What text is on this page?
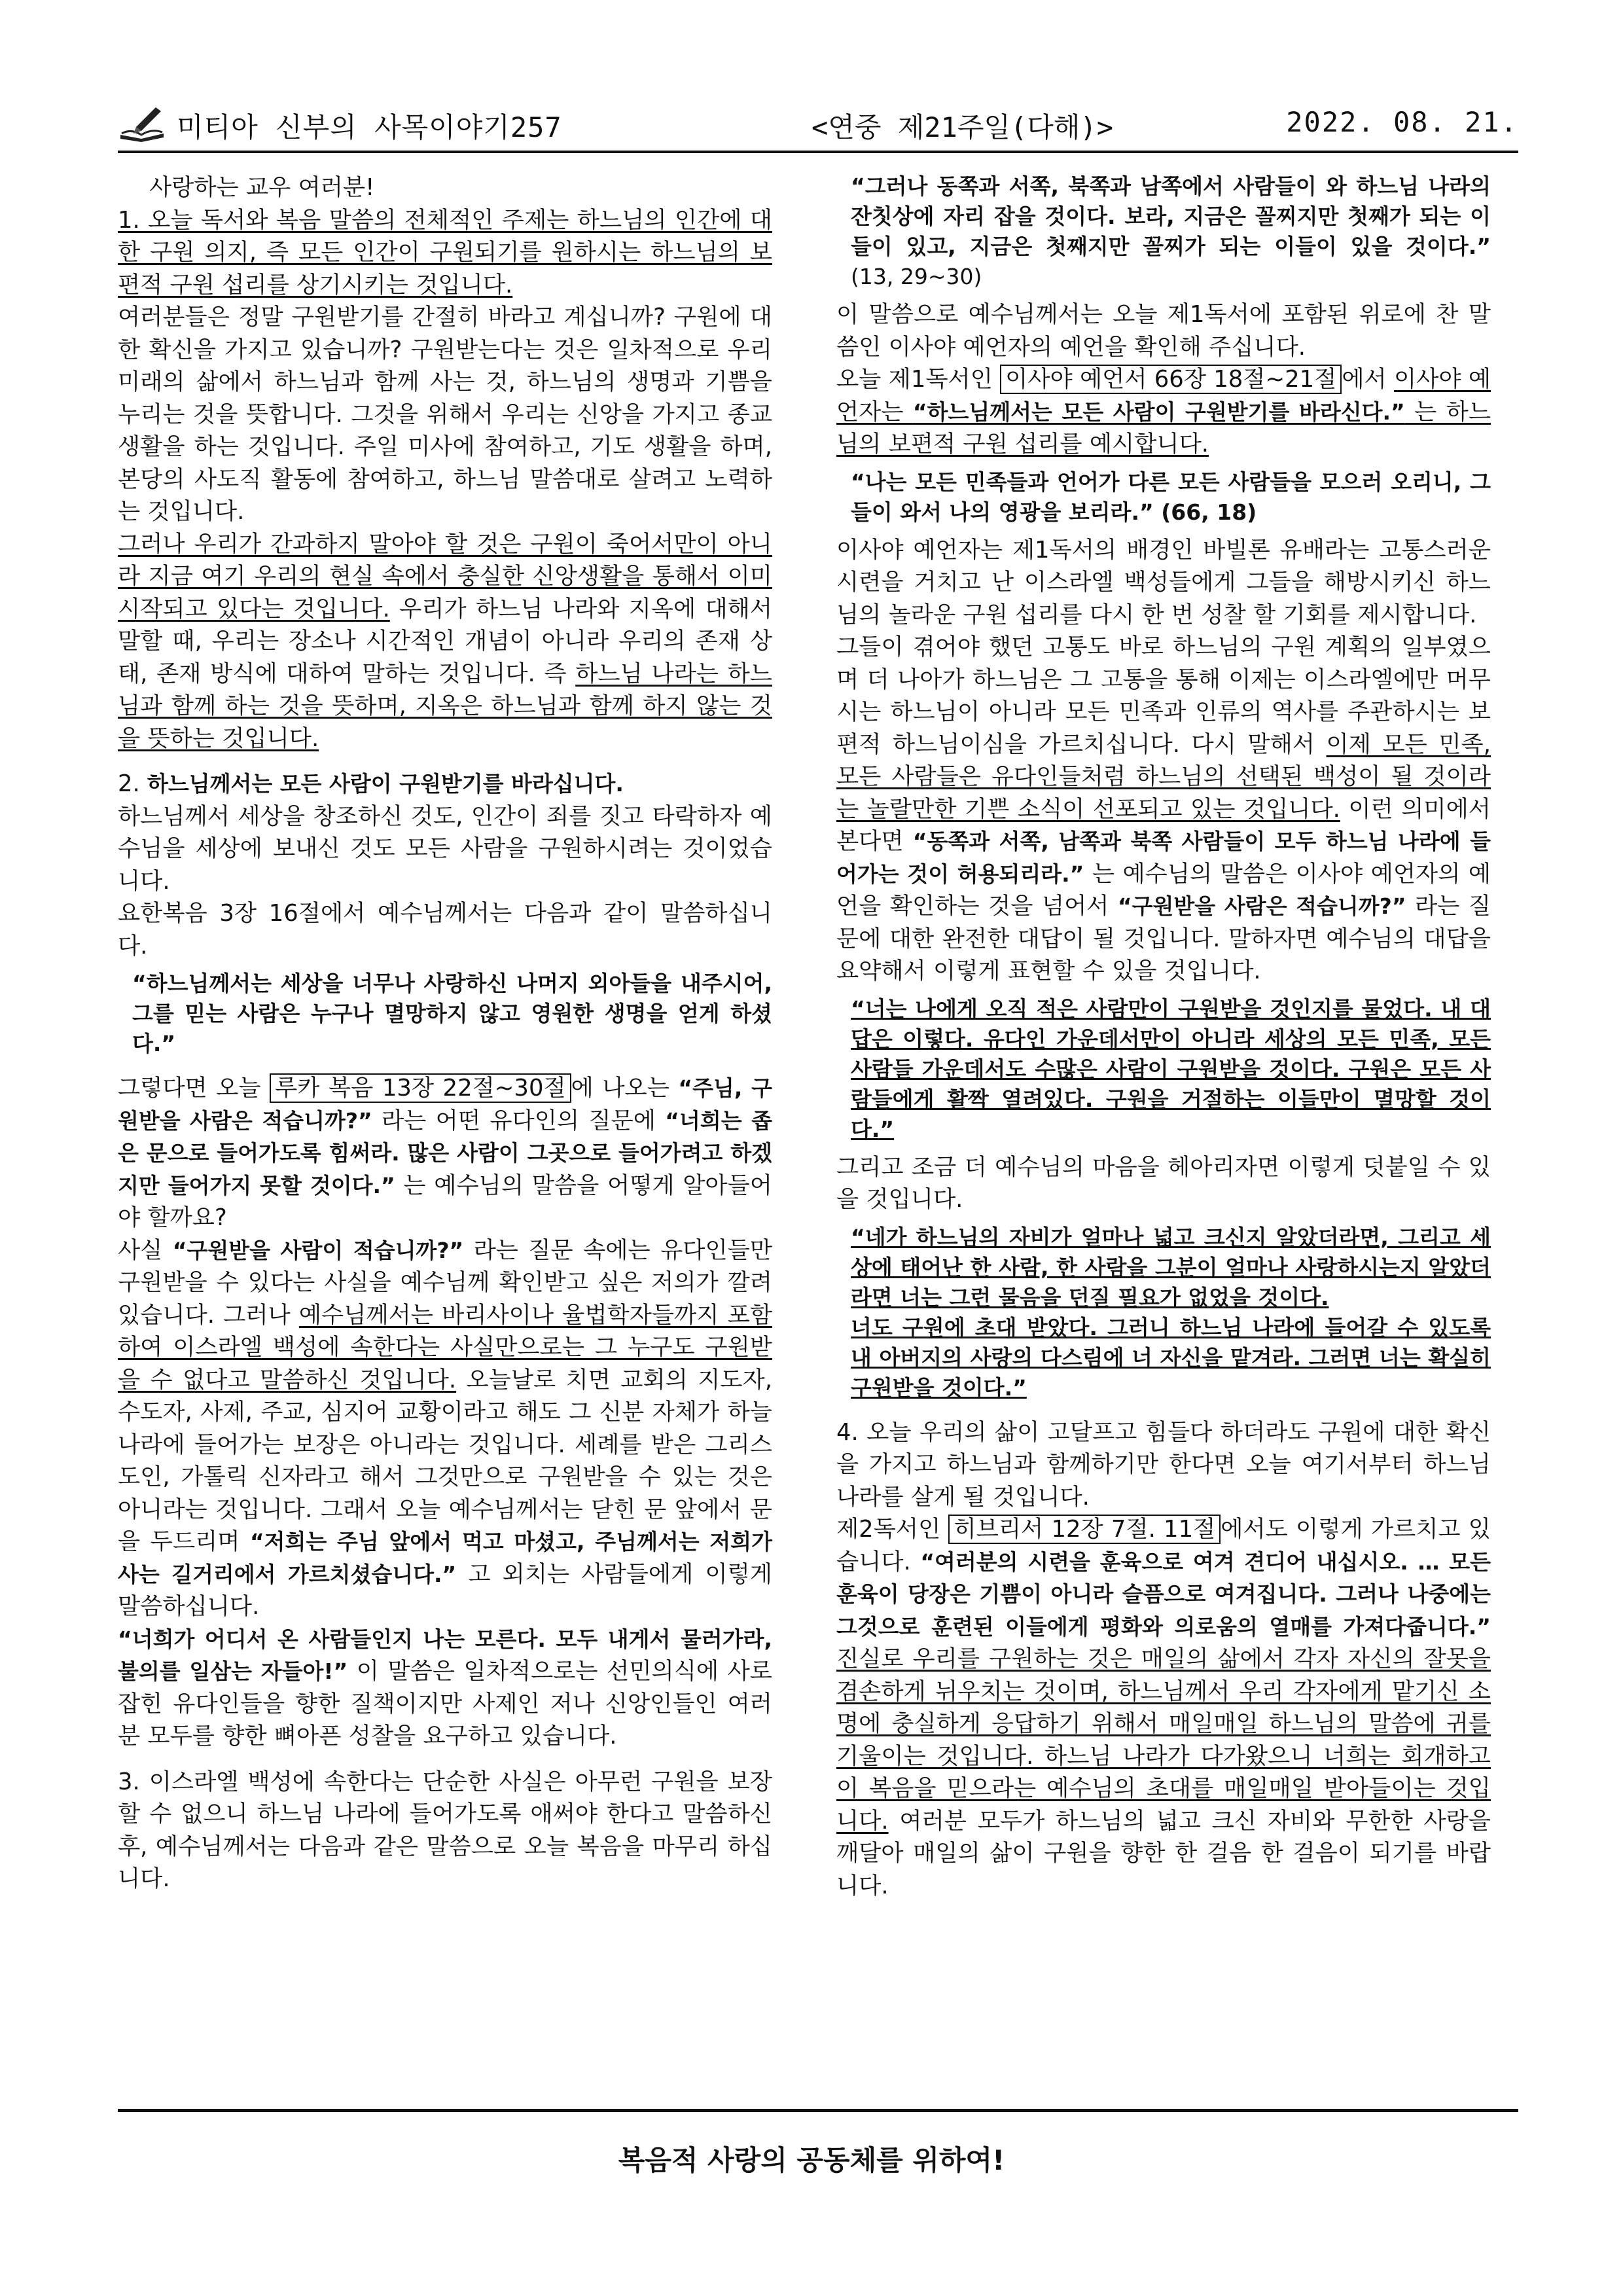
미티아 신부의 사목이야기257	<연중 제21주일(다해)>	2022. 08. 21.

사랑하는 교우 여러분!

1. 오늘 독서와 복음 말씀의 전체적인 주제는 하느님의 인간에 대한 구원 의지, 즉 모든 인간이 구원되기를 원하시는 하느님의 보편적 구원 섭리를 상기시키는 것입니다.

여러분들은 정말 구원받기를 간절히 바라고 계십니까? 구원에 대한 확신을 가지고 있습니까? 구원받는다는 것은 일차적으로 우리 미래의 삶에서 하느님과 함께 사는 것, 하느님의 생명과 기쁨을 누리는 것을 뜻합니다. 그것을 위해서 우리는 신앙을 가지고 종교 생활을 하는 것입니다. 주일 미사에 참여하고, 기도 생활을 하며, 본당의 사도직 활동에 참여하고, 하느님 말씀대로 살려고 노력하는 것입니다.

그러나 우리가 간과하지 말아야 할 것은 구원이 죽어서만이 아니라 지금 여기 우리의 현실 속에서 충실한 신앙생활을 통해서 이미 시작되고 있다는 것입니다. 우리가 하느님 나라와 지옥에 대해서 말할 때, 우리는 장소나 시간적인 개념이 아니라 우리의 존재 상태, 존재 방식에 대하여 말하는 것입니다. 즉 하느님 나라는 하느님과 함께 하는 것을 뜻하며, 지옥은 하느님과 함께 하지 않는 것을 뜻하는 것입니다.

2. 하느님께서는 모든 사람이 구원받기를 바라십니다.

하느님께서 세상을 창조하신 것도, 인간이 죄를 짓고 타락하자 예수님을 세상에 보내신 것도 모든 사람을 구원하시려는 것이었습니다.

요한복음 3장 16절에서 예수님께서는 다음과 같이 말씀하십니다.

“하느님께서는 세상을 너무나 사랑하신 나머지 외아들을 내주시어, 그를 믿는 사람은 누구나 멸망하지 않고 영원한 생명을 얻게 하셨다.”

그렇다면 오늘 루카 복음 13장 22절~30절 에 나오는 “주님, 구원받을 사람은 적습니까?” 라는 어떤 유다인의 질문에 “너희는 좁은 문으로 들어가도록 힘써라. 많은 사람이 그곳으로 들어가려고 하겠지만 들어가지 못할 것이다.” 는 예수님의 말씀을 어떻게 알아들어야 할까요?

사실 “구원받을 사람이 적습니까?” 라는 질문 속에는 유다인들만 구원받을 수 있다는 사실을 예수님께 확인받고 싶은 저의가 깔려 있습니다. 그러나 예수님께서는 바리사이나 율법학자들까지 포함하여 이스라엘 백성에 속한다는 사실만으로는 그 누구도 구원받을 수 없다고 말씀하신 것입니다. 오늘날로 치면 교회의 지도자, 수도자, 사제, 주교, 심지어 교황이라고 해도 그 신분 자체가 하늘나라에 들어가는 보장은 아니라는 것입니다. 세례를 받은 그리스도인, 가톨릭 신자라고 해서 그것만으로 구원받을 수 있는 것은 아니라는 것입니다. 그래서 오늘 예수님께서는 닫힌 문 앞에서 문을 두드리며 “저희는 주님 앞에서 먹고 마셨고, 주님께서는 저희가 사는 길거리에서 가르치셨습니다.” 고 외치는 사람들에게 이렇게 말씀하십니다.

“너희가 어디서 온 사람들인지 나는 모른다. 모두 내게서 물러가라, 불의를 일삼는 자들아!” 이 말씀은 일차적으로는 선민의식에 사로잡힌 유다인들을 향한 질책이지만 사제인 저나 신앙인들인 여러분 모두를 향한 뼈아픈 성찰을 요구하고 있습니다.

3. 이스라엘 백성에 속한다는 단순한 사실은 아무런 구원을 보장할 수 없으니 하느님 나라에 들어가도록 애써야 한다고 말씀하신 후, 예수님께서는 다음과 같은 말씀으로 오늘 복음을 마무리 하십니다.

“그러나 동쪽과 서쪽, 북쪽과 남쪽에서 사람들이 와 하느님 나라의 잔칫상에 자리 잡을 것이다. 보라, 지금은 꼴찌지만 첫째가 되는 이들이 있고, 지금은 첫째지만 꼴찌가 되는 이들이 있을 것이다.” (13, 29~30)

이 말씀으로 예수님께서는 오늘 제1독서에 포함된 위로에 찬 말씀인 이사야 예언자의 예언을 확인해 주십니다.

오늘 제1독서인 이사야 예언서 66장 18절~21절 에서 이사야 예언자는 “하느님께서는 모든 사람이 구원받기를 바라신다.” 는 하느님의 보편적 구원 섭리를 예시합니다.

“나는 모든 민족들과 언어가 다른 모든 사람들을 모으러 오리니, 그들이 와서 나의 영광을 보리라.” (66, 18)

이사야 예언자는 제1독서의 배경인 바빌론 유배라는 고통스러운 시련을 거치고 난 이스라엘 백성들에게 그들을 해방시키신 하느님의 놀라운 구원 섭리를 다시 한 번 성찰 할 기회를 제시합니다.

그들이 겪어야 했던 고통도 바로 하느님의 구원 계획의 일부였으며 더 나아가 하느님은 그 고통을 통해 이제는 이스라엘에만 머무시는 하느님이 아니라 모든 민족과 인류의 역사를 주관하시는 보편적 하느님이심을 가르치십니다. 다시 말해서 이제 모든 민족, 모든 사람들은 유다인들처럼 하느님의 선택된 백성이 될 것이라는 놀랄만한 기쁜 소식이 선포되고 있는 것입니다. 이런 의미에서 본다면 “동쪽과 서쪽, 남쪽과 북쪽 사람들이 모두 하느님 나라에 들어가는 것이 허용되리라.” 는 예수님의 말씀은 이사야 예언자의 예언을 확인하는 것을 넘어서 “구원받을 사람은 적습니까?” 라는 질문에 대한 완전한 대답이 될 것입니다. 말하자면 예수님의 대답을 요약해서 이렇게 표현할 수 있을 것입니다.

“너는 나에게 오직 적은 사람만이 구원받을 것인지를 물었다. 내 대답은 이렇다. 유다인 가운데서만이 아니라 세상의 모든 민족, 모든 사람들 가운데서도 수많은 사람이 구원받을 것이다. 구원은 모든 사람들에게 활짝 열려있다. 구원을 거절하는 이들만이 멸망할 것이다.”

그리고 조금 더 예수님의 마음을 헤아리자면 이렇게 덧붙일 수 있을 것입니다.

“네가 하느님의 자비가 얼마나 넓고 크신지 알았더라면, 그리고 세상에 태어난 한 사람, 한 사람을 그분이 얼마나 사랑하시는지 알았더라면 너는 그런 물음을 던질 필요가 없었을 것이다.

너도 구원에 초대 받았다. 그러니 하느님 나라에 들어갈 수 있도록 내 아버지의 사랑의 다스림에 너 자신을 맡겨라. 그러면 너는 확실히 구원받을 것이다.”

4. 오늘 우리의 삶이 고달프고 힘들다 하더라도 구원에 대한 확신을 가지고 하느님과 함께하기만 한다면 오늘 여기서부터 하느님 나라를 살게 될 것입니다.

제2독서인 히브리서 12장 7절. 11절 에서도 이렇게 가르치고 있습니다. “여러분의 시련을 훈육으로 여겨 견디어 내십시오. … 모든 훈육이 당장은 기쁨이 아니라 슬픔으로 여겨집니다. 그러나 나중에는 그것으로 훈련된 이들에게 평화와 의로움의 열매를 가져다줍니다.” 진실로 우리를 구원하는 것은 매일의 삶에서 각자 자신의 잘못을 겸손하게 뉘우치는 것이며, 하느님께서 우리 각자에게 맡기신 소명에 충실하게 응답하기 위해서 매일매일 하느님의 말씀에 귀를 기울이는 것입니다. 하느님 나라가 다가왔으니 너희는 회개하고 이 복음을 믿으라는 예수님의 초대를 매일매일 받아들이는 것입니다. 여러분 모두가 하느님의 넓고 크신 자비와 무한한 사랑을 깨달아 매일의 삶이 구원을 향한 한 걸음 한 걸음이 되기를 바랍니다.

복음적 사랑의 공동체를 위하여!
